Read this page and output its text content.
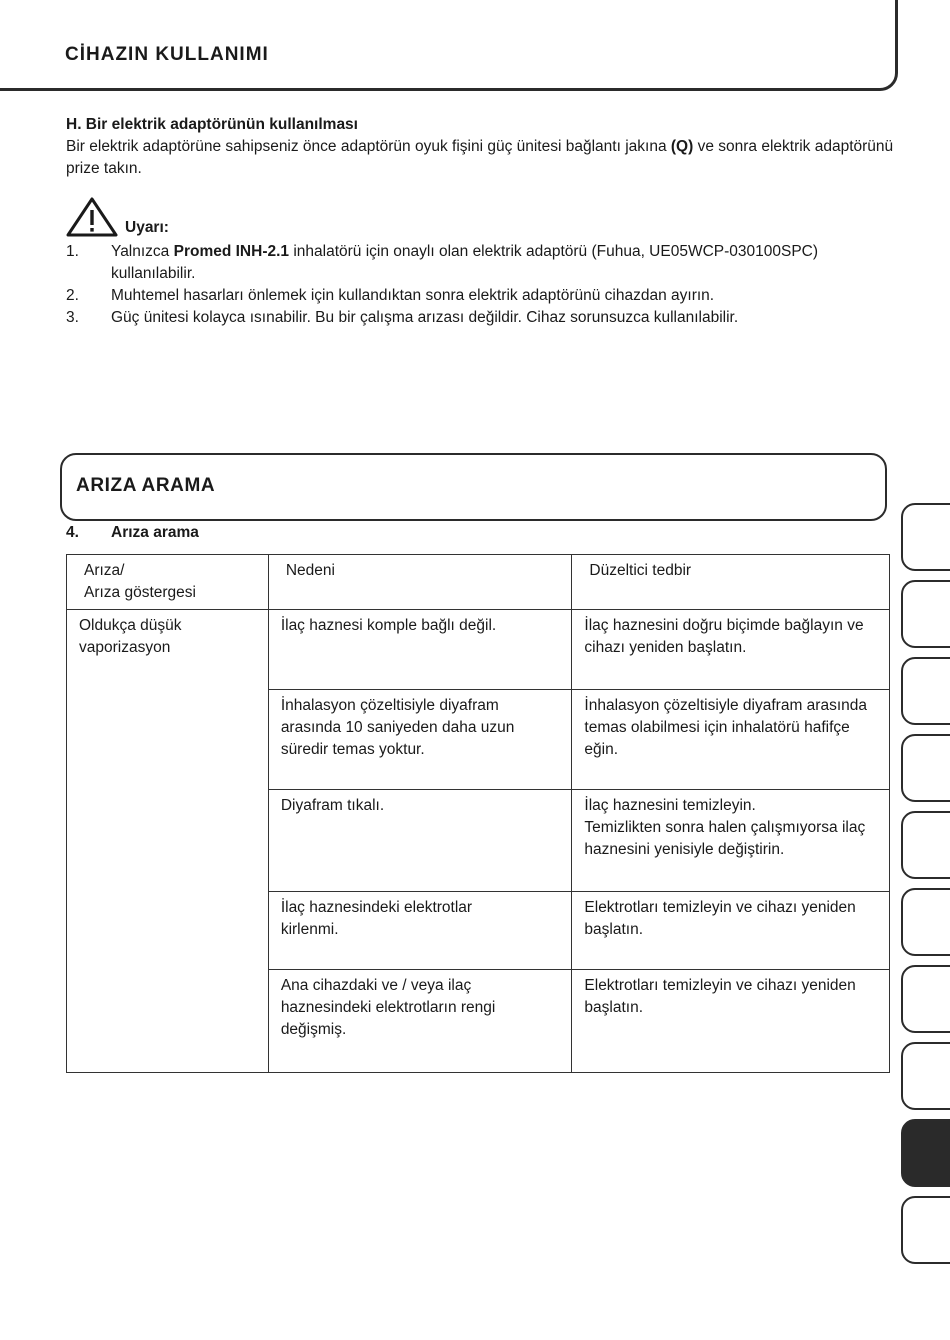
CİHAZIN KULLANIMI
H. Bir elektrik adaptörünün kullanılması
Bir elektrik adaptörüne sahipseniz önce adaptörün oyuk fişini güç ünitesi bağlantı jakına (Q) ve sonra elektrik adaptörünü prize takın.
Uyarı:
1.	Yalnızca Promed INH-2.1 inhalatörü için onaylı olan elektrik adaptörü (Fuhua, UE05WCP-030100SPC) kullanılabilir.
2.	Muhtemel hasarları önlemek için kullandıktan sonra elektrik adaptörünü cihazdan ayırın.
3.	Güç ünitesi kolayca ısınabilir. Bu bir çalışma arızası değildir. Cihaz sorunsuzca kullanılabilir.
ARIZA ARAMA
4.	Arıza arama
Arıza/
Arıza göstergesi	Nedeni	Düzeltici tedbir
Oldukça düşük
vaporizasyon	İlaç haznesi komple bağlı değil.	İlaç haznesini doğru biçimde bağlayın ve cihazı yeniden başlatın.
	İnhalasyon çözeltisiyle diyafram arasında 10 saniyeden daha uzun süredir temas yoktur.	İnhalasyon çözeltisiyle diyafram arasında temas olabilmesi için inhalatörü hafifçe eğin.
	Diyafram tıkalı.	İlaç haznesini temizleyin.
Temizlikten sonra halen çalışmıyorsa ilaç haznesini yenisiyle değiştirin.
	İlaç haznesindeki elektrotlar
kirlenmi.	Elektrotları temizleyin ve cihazı yeniden başlatın.
	Ana cihazdaki ve / veya ilaç haznesindeki elektrotların rengi değişmiş.	Elektrotları temizleyin ve cihazı yeniden başlatın.
